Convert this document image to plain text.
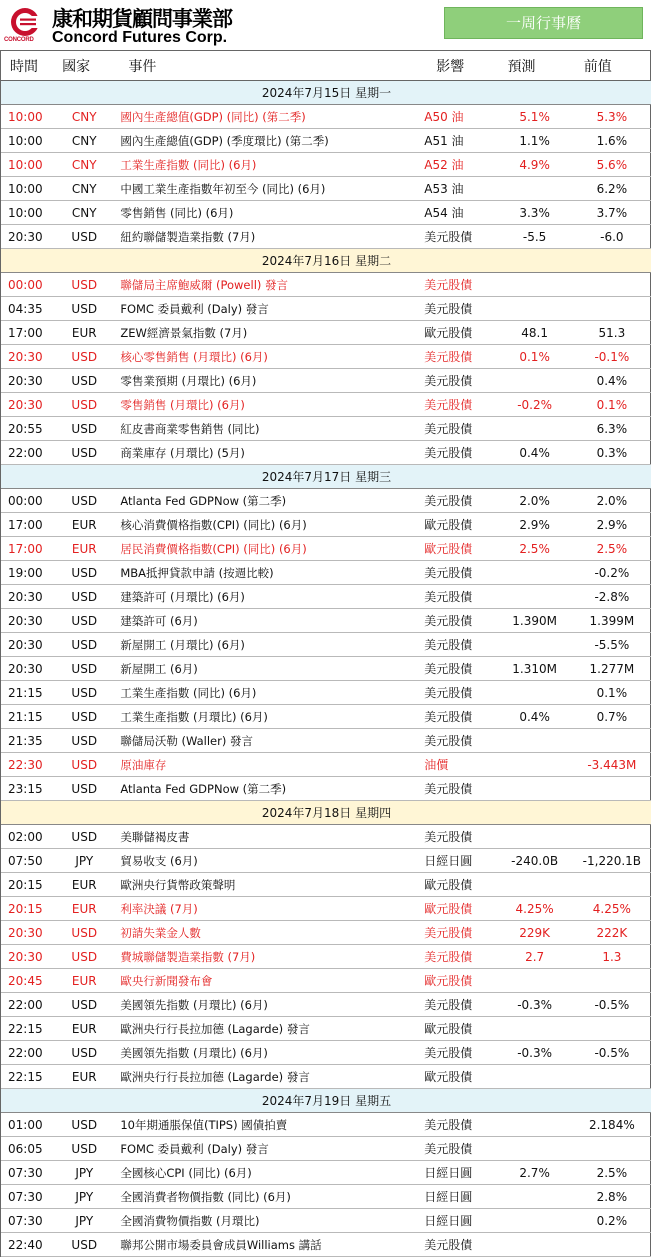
CONCORD
康和期貨顧問事業部
Concord Futures Corp.
一周行事曆
時間	國家	事件	影響	預測	前值
2024年7月15日 星期一					
10:00	CNY	國內生產總值(GDP) (同比) (第二季)	A50 油	5.1%	5.3%
10:00	CNY	國內生產總值(GDP) (季度環比) (第二季)	A51 油	1.1%	1.6%
10:00	CNY	工業生產指數 (同比) (6月)	A52 油	4.9%	5.6%
10:00	CNY	中國工業生產指數年初至今 (同比) (6月)	A53 油		6.2%
10:00	CNY	零售銷售 (同比) (6月)	A54 油	3.3%	3.7%
20:30	USD	紐約聯儲製造業指數 (7月)	美元股債	-5.5	-6.0
2024年7月16日 星期二					
00:00	USD	聯儲局主席鮑威爾 (Powell) 發言	美元股債		
04:35	USD	FOMC 委員戴利 (Daly) 發言	美元股債		
17:00	EUR	ZEW經濟景氣指數 (7月)	歐元股債	48.1	51.3
20:30	USD	核心零售銷售 (月環比) (6月)	美元股債	0.1%	-0.1%
20:30	USD	零售業預期 (月環比) (6月)	美元股債		0.4%
20:30	USD	零售銷售 (月環比) (6月)	美元股債	-0.2%	0.1%
20:55	USD	紅皮書商業零售銷售 (同比)	美元股債		6.3%
22:00	USD	商業庫存 (月環比) (5月)	美元股債	0.4%	0.3%
2024年7月17日 星期三					
00:00	USD	Atlanta Fed GDPNow (第二季)	美元股債	2.0%	2.0%
17:00	EUR	核心消費價格指數(CPI) (同比) (6月)	歐元股債	2.9%	2.9%
17:00	EUR	居民消費價格指數(CPI) (同比) (6月)	歐元股債	2.5%	2.5%
19:00	USD	MBA抵押貸款申請 (按週比較)	美元股債		-0.2%
20:30	USD	建築許可 (月環比) (6月)	美元股債		-2.8%
20:30	USD	建築許可 (6月)	美元股債	1.390M	1.399M
20:30	USD	新屋開工 (月環比) (6月)	美元股債		-5.5%
20:30	USD	新屋開工 (6月)	美元股債	1.310M	1.277M
21:15	USD	工業生產指數 (同比) (6月)	美元股債		0.1%
21:15	USD	工業生產指數 (月環比) (6月)	美元股債	0.4%	0.7%
21:35	USD	聯儲局沃勒 (Waller) 發言	美元股債		
22:30	USD	原油庫存	油價		-3.443M
23:15	USD	Atlanta Fed GDPNow (第二季)	美元股債		
2024年7月18日 星期四					
02:00	USD	美聯儲褐皮書	美元股債		
07:50	JPY	貿易收支 (6月)	日經日圓	-240.0B	-1,220.1B
20:15	EUR	歐洲央行貨幣政策聲明	歐元股債		
20:15	EUR	利率決議 (7月)	歐元股債	4.25%	4.25%
20:30	USD	初請失業金人數	美元股債	229K	222K
20:30	USD	費城聯儲製造業指數 (7月)	美元股債	2.7	1.3
20:45	EUR	歐央行新聞發布會	歐元股債		
22:00	USD	美國領先指數 (月環比) (6月)	美元股債	-0.3%	-0.5%
22:15	EUR	歐洲央行行長拉加德 (Lagarde) 發言	歐元股債		
22:00	USD	美國領先指數 (月環比) (6月)	美元股債	-0.3%	-0.5%
22:15	EUR	歐洲央行行長拉加德 (Lagarde) 發言	歐元股債		
2024年7月19日 星期五					
01:00	USD	10年期通脹保值(TIPS) 國債拍賣	美元股債		2.184%
06:05	USD	FOMC 委員戴利 (Daly) 發言	美元股債		
07:30	JPY	全國核心CPI (同比) (6月)	日經日圓	2.7%	2.5%
07:30	JPY	全國消費者物價指數 (同比) (6月)	日經日圓		2.8%
07:30	JPY	全國消費物價指數 (月環比)	日經日圓		0.2%
22:40	USD	聯邦公開市場委員會成員Williams 講話	美元股債		
